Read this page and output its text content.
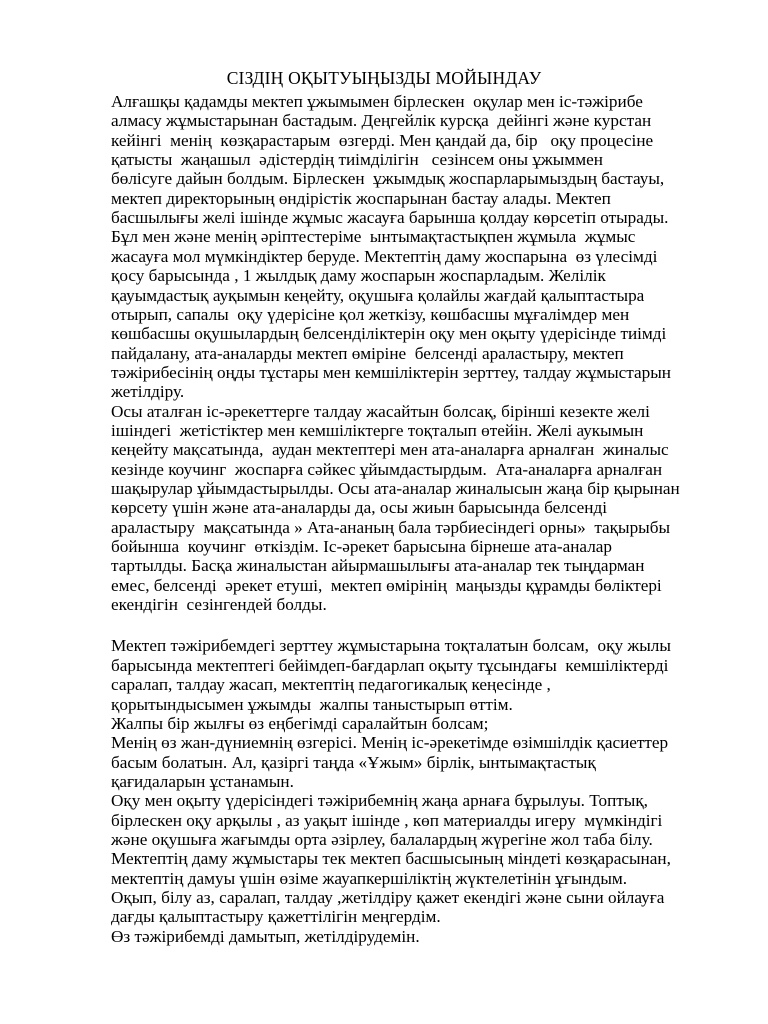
СІЗДІҢ ОҚЫТУЫҢЫЗДЫ МОЙЫНДАУ
Алғашқы қадамды мектеп ұжымымен бірлескен  оқулар мен іс-тәжірибе
алмасу жұмыстарынан бастадым. Деңгейлік курсқа  дейінгі және курстан
кейінгі  менің  көзқарастарым  өзгерді. Мен қандай да, бір   оқу процесіне
қатысты  жаңашыл  әдістердің тиімділігін   сезінсем оны ұжыммен
бөлісуге дайын болдым. Бірлескен  ұжымдық жоспарларымыздың бастауы,
мектеп директорының өндірістік жоспарынан бастау алады. Мектеп
басшылығы желі ішінде жұмыс жасауға барынша қолдау көрсетіп отырады.
Бұл мен және менің әріптестеріме  ынтымақтастықпен жұмыла  жұмыс
жасауға мол мүмкіндіктер беруде. Мектептің даму жоспарына  өз үлесімді
қосу барысында , 1 жылдық даму жоспарын жоспарладым. Желілік
қауымдастық ауқымын кеңейту, оқушыға қолайлы жағдай қалыптастыра
отырып, сапалы  оқу үдерісіне қол жеткізу, көшбасшы мұғалімдер мен
көшбасшы оқушылардың белсенділіктерін оқу мен оқыту үдерісінде тиімді
пайдалану, ата-аналарды мектеп өміріне  белсенді араластыру, мектеп
тәжірибесінің оңды тұстары мен кемшіліктерін зерттеу, талдау жұмыстарын
жетілдіру.
Осы аталған іс-әрекеттерге талдау жасайтын болсақ, бірінші кезекте желі
ішіндегі  жетістіктер мен кемшіліктерге тоқталып өтейін. Желі аукымын
кеңейту мақсатында,  аудан мектептері мен ата-аналарға арналған  жиналыс
кезінде коучинг  жоспарға сәйкес ұйымдастырдым.  Ата-аналарға арналған
шақырулар ұйымдастырылды. Осы ата-аналар жиналысын жаңа бір қырынан
көрсету үшін және ата-аналарды да, осы жиын барысында белсенді
араластыру  мақсатында » Ата-ананың бала тәрбиесіндегі орны»  тақырыбы
бойынша  коучинг  өткіздім. Іс-әрекет барысына бірнеше ата-аналар
тартылды. Басқа жиналыстан айырмашылығы ата-аналар тек тыңдарман
емес, белсенді  әрекет етуші,  мектеп өмірінің  маңызды құрамды бөліктері
екендігін  сезінгендей болды.
Мектеп тәжірибемдегі зерттеу жұмыстарына тоқталатын болсам,  оқу жылы
барысында мектептегі бейімдеп-бағдарлап оқыту тұсындағы  кемшіліктерді
саралап, талдау жасап, мектептің педагогикалық кеңесінде ,
қорытындысымен ұжымды  жалпы таныстырып өттім.
Жалпы бір жылғы өз еңбегімді саралайтын болсам;
Менің өз жан-дүниемнің өзгерісі. Менің іс-әрекетімде өзімшілдік қасиеттер
басым болатын. Ал, қазіргі таңда «Ұжым» бірлік, ынтымақтастық
қағидаларын ұстанамын.
Оқу мен оқыту үдерісіндегі тәжірибемнің жаңа арнаға бұрылуы. Топтық,
бірлескен оқу арқылы , аз уақыт ішінде , көп материалды игеру  мүмкіндігі
және оқушыға жағымды орта әзірлеу, балалардың жүрегіне жол таба білу.
Мектептің даму жұмыстары тек мектеп басшысының міндеті көзқарасынан,
мектептің дамуы үшін өзіме жауапкершіліктің жүктелетінін ұғындым.
Оқып, білу аз, саралап, талдау ,жетілдіру қажет екендігі және сыни ойлауға
дағды қалыптастыру қажеттілігін меңгердім.
Өз тәжірибемді дамытып, жетілдірудемін.
